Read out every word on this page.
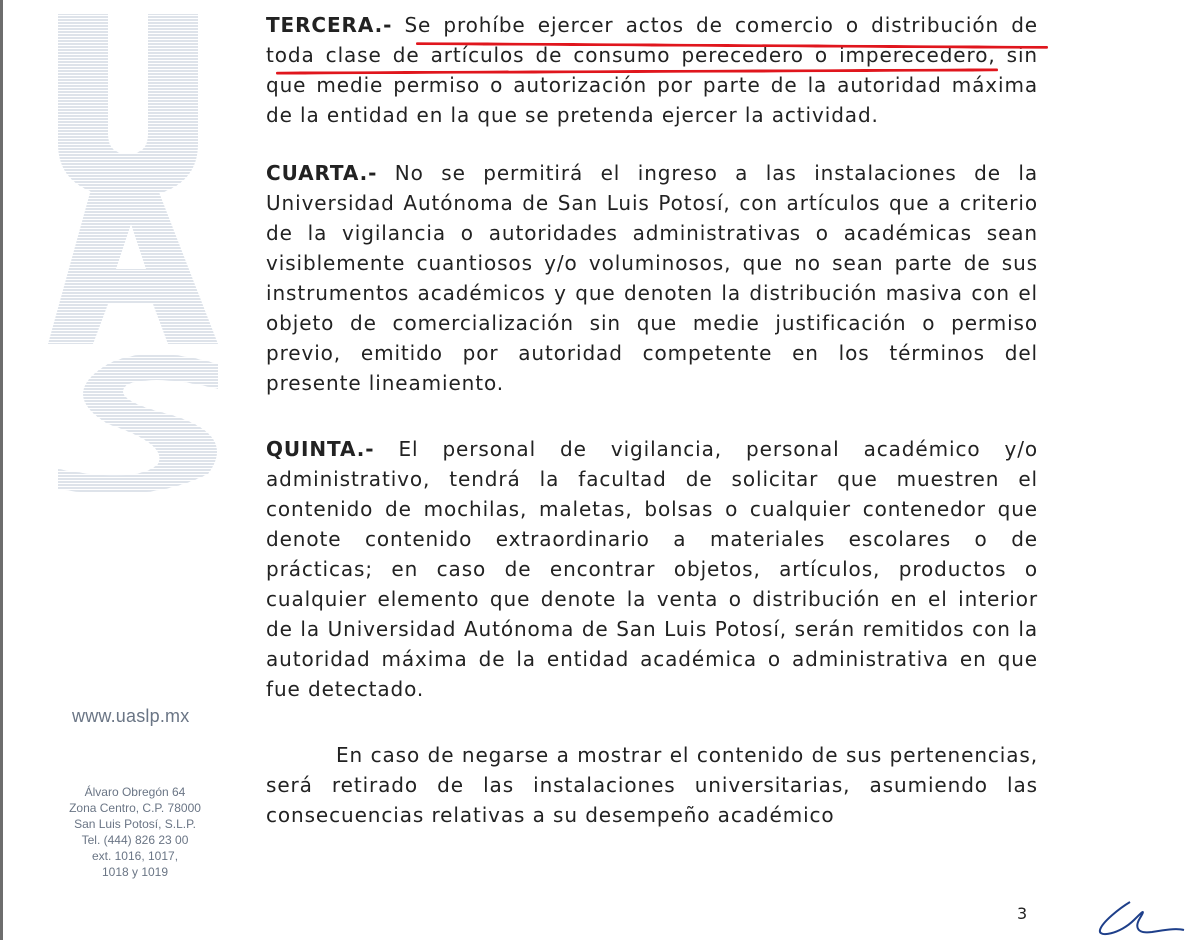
www.uaslp.mx
Álvaro Obregón 64
Zona Centro, C.P. 78000
San Luis Potosí, S.L.P.
Tel. (444) 826 23 00
ext. 1016, 1017,
1018 y 1019
TERCERA.- Se prohíbe ejercer actos de comercio o distribución de toda clase de artículos de consumo perecedero o imperecedero, sin que medie permiso o autorización por parte de la autoridad máxima de la entidad en la que se pretenda ejercer la actividad.
CUARTA.- No se permitirá el ingreso a las instalaciones de la Universidad Autónoma de San Luis Potosí, con artículos que a criterio de la vigilancia o autoridades administrativas o académicas sean visiblemente cuantiosos y/o voluminosos, que no sean parte de sus instrumentos académicos y que denoten la distribución masiva con el objeto de comercialización sin que medie justificación o permiso previo, emitido por autoridad competente en los términos del presente lineamiento.
QUINTA.- El personal de vigilancia, personal académico y/o administrativo, tendrá la facultad de solicitar que muestren el contenido de mochilas, maletas, bolsas o cualquier contenedor que denote contenido extraordinario a materiales escolares o de prácticas; en caso de encontrar objetos, artículos, productos o cualquier elemento que denote la venta o distribución en el interior de la Universidad Autónoma de San Luis Potosí, serán remitidos con la autoridad máxima de la entidad académica o administrativa en que fue detectado.
En caso de negarse a mostrar el contenido de sus pertenencias, será retirado de las instalaciones universitarias, asumiendo las consecuencias relativas a su desempeño académico
3
